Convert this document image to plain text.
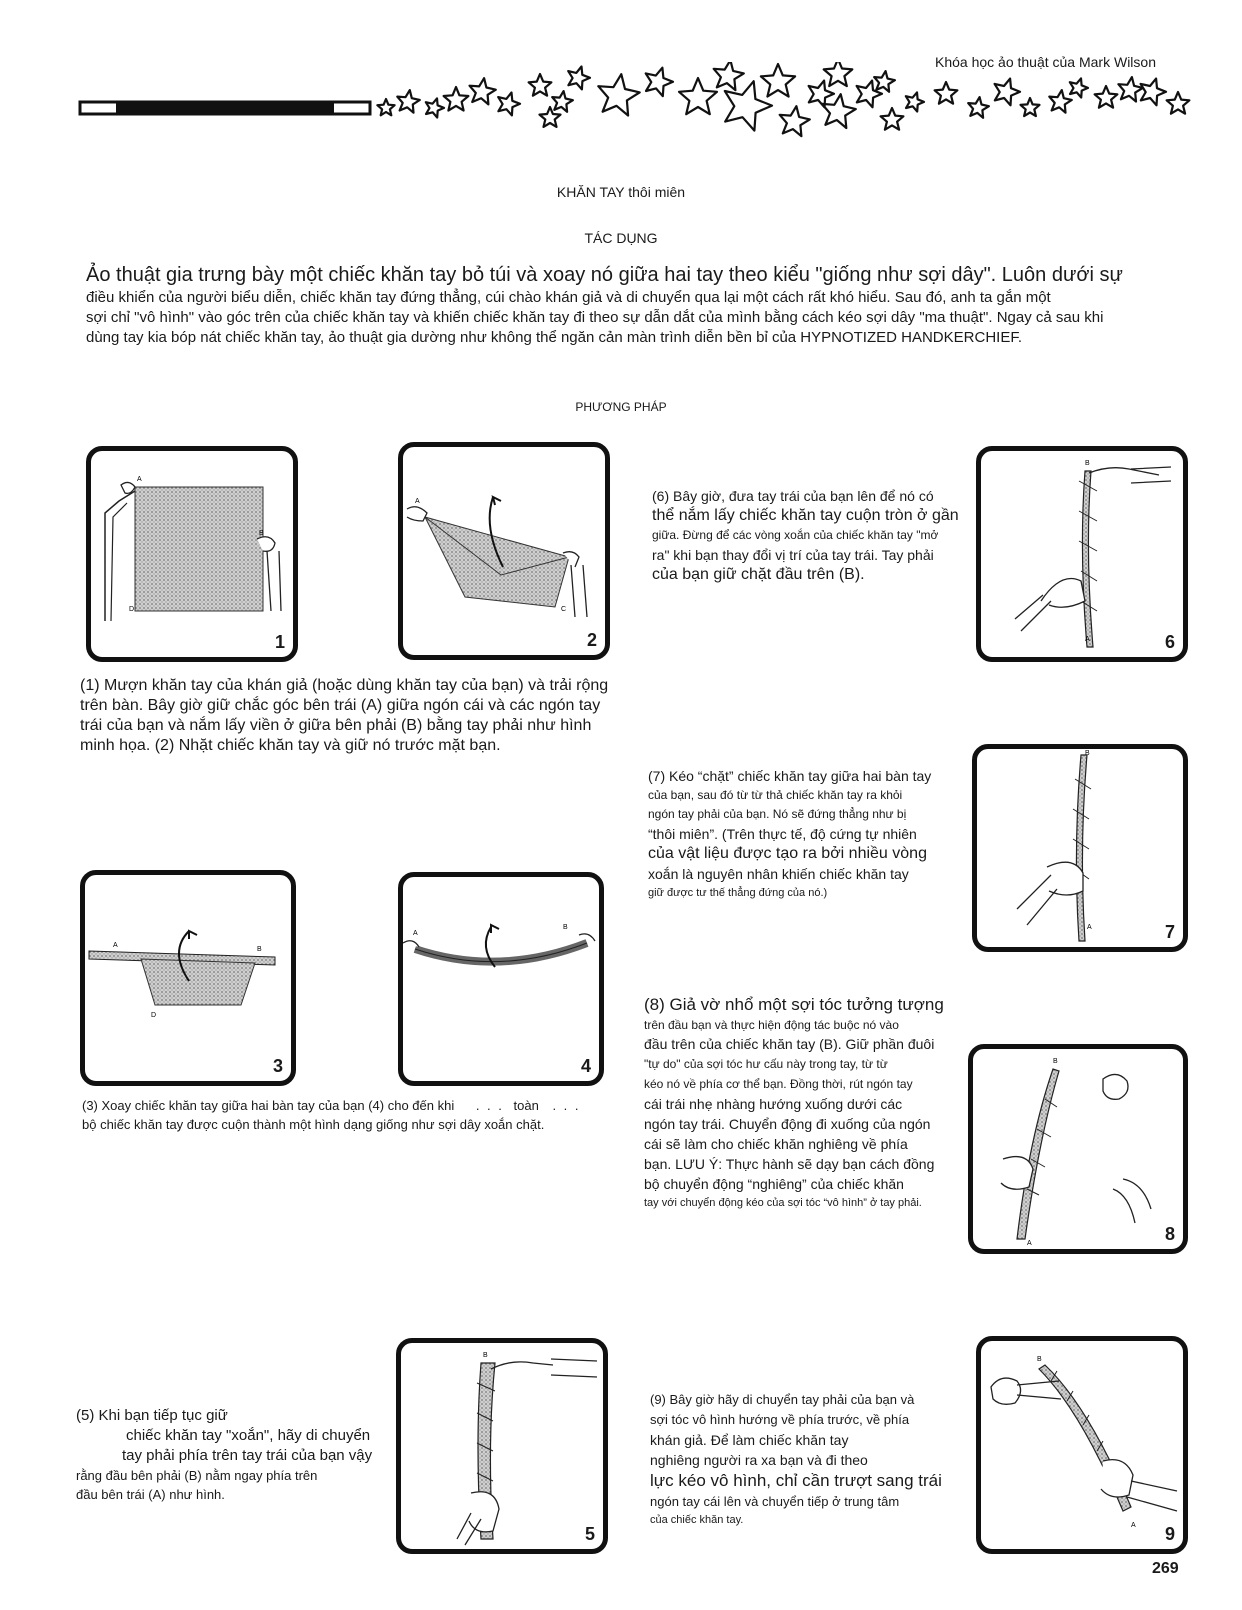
Khóa học ảo thuật của Mark Wilson
KHĂN TAY thôi miên
TÁC DỤNG
Ảo thuật gia trưng bày một chiếc khăn tay bỏ túi và xoay nó giữa hai tay theo kiểu "giống như sợi dây". Luôn dưới sự
điều khiển của người biểu diễn, chiếc khăn tay đứng thẳng, cúi chào khán giả và di chuyển qua lại một cách rất khó hiểu. Sau đó, anh ta gắn một
sợi chỉ "vô hình" vào góc trên của chiếc khăn tay và khiến chiếc khăn tay đi theo sự dẫn dắt của mình bằng cách kéo sợi dây "ma thuật". Ngay cả sau khi
dùng tay kia bóp nát chiếc khăn tay, ảo thuật gia dường như không thể ngăn cản màn trình diễn bền bỉ của HYPNOTIZED HANDKERCHIEF.
PHƯƠNG PHÁP
A
B
D
1
A
C
2
(6) Bây giờ, đưa tay trái của bạn lên để nó có
thể nắm lấy chiếc khăn tay cuộn tròn ở gần
giữa. Đừng để các vòng xoắn của chiếc khăn tay "mở
ra" khi bạn thay đổi vị trí của tay trái. Tay phải
của bạn giữ chặt đầu trên (B).
B
A	6
(1) Mượn khăn tay của khán giả (hoặc dùng khăn tay của bạn) và trải rộng
trên bàn. Bây giờ giữ chắc góc bên trái (A) giữa ngón cái và các ngón tay
trái của bạn và nắm lấy viền ở giữa bên phải (B) bằng tay phải như hình
minh họa. (2) Nhặt chiếc khăn tay và giữ nó trước mặt bạn.
(7) Kéo “chặt” chiếc khăn tay giữa hai bàn tay
của bạn, sau đó từ từ thả chiếc khăn tay ra khỏi
ngón tay phải của bạn. Nó sẽ đứng thẳng như bị
“thôi miên”. (Trên thực tế, độ cứng tự nhiên
của vật liệu được tạo ra bởi nhiều vòng
xoắn là nguyên nhân khiến chiếc khăn tay
giữ được tư thế thẳng đứng của nó.)
B
A	7
A
B
D
3
A
B
4
(8) Giả vờ nhổ một sợi tóc tưởng tượng
trên đầu bạn và thực hiện động tác buộc nó vào
đầu trên của chiếc khăn tay (B). Giữ phần đuôi
"tự do" của sợi tóc hư cấu này trong tay, từ từ
kéo nó về phía cơ thể bạn. Đồng thời, rút ngón tay
cái trái nhẹ nhàng hướng xuống dưới các
ngón tay trái. Chuyển động đi xuống của ngón
cái sẽ làm cho chiếc khăn nghiêng về phía
bạn. LƯU Ý: Thực hành sẽ dạy bạn cách đồng
bộ chuyển động “nghiêng” của chiếc khăn
tay với chuyển động kéo của sợi tóc “vô hình” ở tay phải.
B
A	8
(3) Xoay chiếc khăn tay giữa hai bàn tay của bạn (4) cho đến khi . . . toàn . . .
bộ chiếc khăn tay được cuộn thành một hình dạng giống như sợi dây xoắn chặt.
B
5
(5) Khi bạn tiếp tục giữ
chiếc khăn tay "xoắn", hãy di chuyển
tay phải phía trên tay trái của bạn vậy
rằng đầu bên phải (B) nằm ngay phía trên
đầu bên trái (A) như hình.
(9) Bây giờ hãy di chuyển tay phải của bạn và
sợi tóc vô hình hướng về phía trước, về phía
khán giả. Để làm chiếc khăn tay
nghiêng người ra xa bạn và đi theo
lực kéo vô hình, chỉ cần trượt sang trái
ngón tay cái lên và chuyển tiếp ở trung tâm
của chiếc khăn tay.
B
A 9
269
